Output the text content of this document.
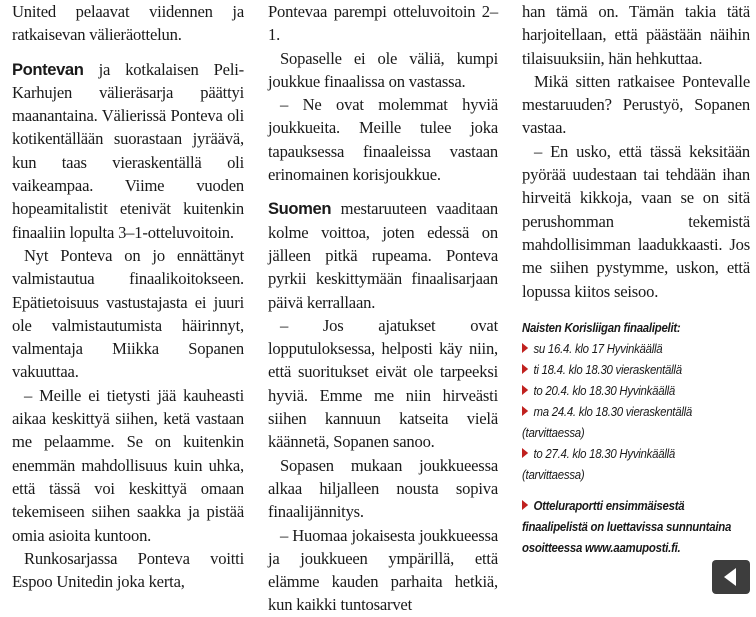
United pelaavat viidennen ja ratkaisevan välieräottelun.

Pontevan ja kotkalaisen Peli-Karhujen välieräsarja päättyi maanantaina. Välierissä Ponteva oli kotikentällään suorastaan jyräävä, kun taas vieraskentällä oli vaikeampaa. Viime vuoden hopeamitalistit etenivät kuitenkin finaaliin lopulta 3–1-otteluvoitoin.

Nyt Ponteva on jo ennättänyt valmistautua finaalikoitokseen. Epätietoisuus vastustajasta ei juuri ole valmistautumista häirinnyt, valmentaja Miikka Sopanen vakuuttaa.

– Meille ei tietysti jää kauheasti aikaa keskittyä siihen, ketä vastaan me pelaamme. Se on kuitenkin enemmän mahdollisuus kuin uhka, että tässä voi keskittyä omaan tekemiseen siihen saakka ja pistää omia asioita kuntoon.

Runkosarjassa Ponteva voitti Espoo Unitedin joka kerta,

Pontevaa parempi otteluvoitoin 2–1.

Sopaselle ei ole väliä, kumpi joukkue finaalissa on vastassa.

– Ne ovat molemmat hyviä joukkueita. Meille tulee joka tapauksessa finaaleissa vastaan erinomainen korisjoukkue.

Suomen mestaruuteen vaaditaan kolme voittoa, joten edessä on jälleen pitkä rupeama. Ponteva pyrkii keskittymään finaalisarjaan päivä kerrallaan.

– Jos ajatukset ovat lopputuloksessa, helposti käy niin, että suoritukset eivät ole tarpeeksi hyviä. Emme me niin hirveästi siihen kannuun katseita vielä käännetä, Sopanen sanoo.

Sopasen mukaan joukkueessa alkaa hiljalleen nousta sopiva finaalijännitys.

– Huomaa jokaisesta joukkueessa ja joukkueen ympärillä, että elämme kauden parhaita hetkiä, kun kaikki tuntosarvet

han tämä on. Tämän takia tätä harjoitellaan, että päästään näihin tilaisuuksiin, hän hehkuttaa.

Mikä sitten ratkaisee Pontevalle mestaruuden? Perustyö, Sopanen vastaa.

– En usko, että tässä keksitään pyörää uudestaan tai tehdään ihan hirveitä kikkoja, vaan se on sitä perushomman tekemistä mahdollisimman laadukkaasti. Jos me siihen pystymme, uskon, että lopussa kiitos seisoo.

Naisten Korisliigan finaalipelit:
su 16.4. klo 17 Hyvinkäällä
ti 18.4. klo 18.30 vieraskentällä
to 20.4. klo 18.30 Hyvinkäällä
ma 24.4. klo 18.30 vieraskentällä
(tarvittaessa)
to 27.4. klo 18.30 Hyvinkäällä
(tarvittaessa)
Otteluraportti ensimmäisestä finaalipelistä on luettavissa sunnuntaina
osoitteessa www.aamuposti.fi.
